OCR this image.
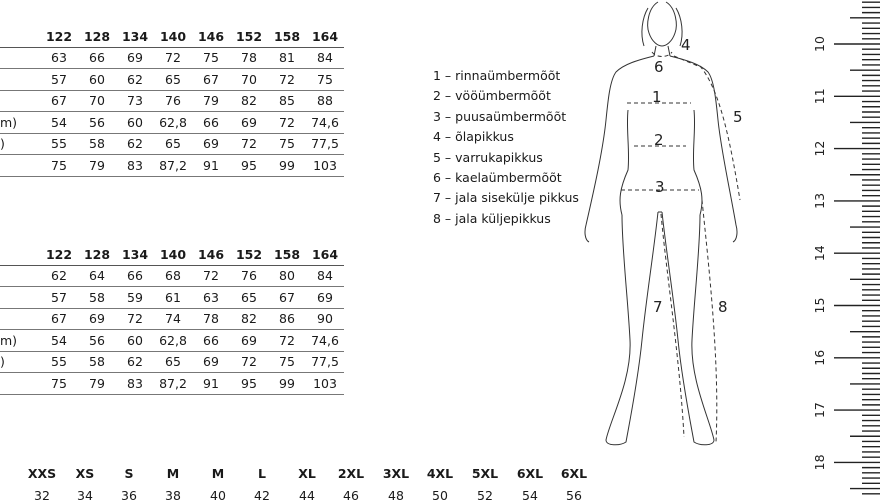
	122	128	134	140	146	152	158	164
	63	66	69	72	75	78	81	84
	57	60	62	65	67	70	72	75
	67	70	73	76	79	82	85	88
m)	54	56	60	62,8	66	69	72	74,6
)	55	58	62	65	69	72	75	77,5
	75	79	83	87,2	91	95	99	103
	122	128	134	140	146	152	158	164
	62	64	66	68	72	76	80	84
	57	58	59	61	63	65	67	69
	67	69	72	74	78	82	86	90
m)	54	56	60	62,8	66	69	72	74,6
)	55	58	62	65	69	72	75	77,5
	75	79	83	87,2	91	95	99	103
1 – rinnaümbermõõt
2 – vööümbermõõt
3 – puusaümbermõõt
4 – õlapikkus
5 – varrukapikkus
6 – kaelaümbermõõt
7 – jala sisekülje pikkus
8 – jala küljepikkus
1
2
3
4
5
6
7	8
10
11
12
13
14
15
16
17
18
XXS	XS	S	M	M	L	XL	2XL	3XL	4XL	5XL	6XL	6XL
32	34	36	38	40	42	44	46	48	50	52	54	56
